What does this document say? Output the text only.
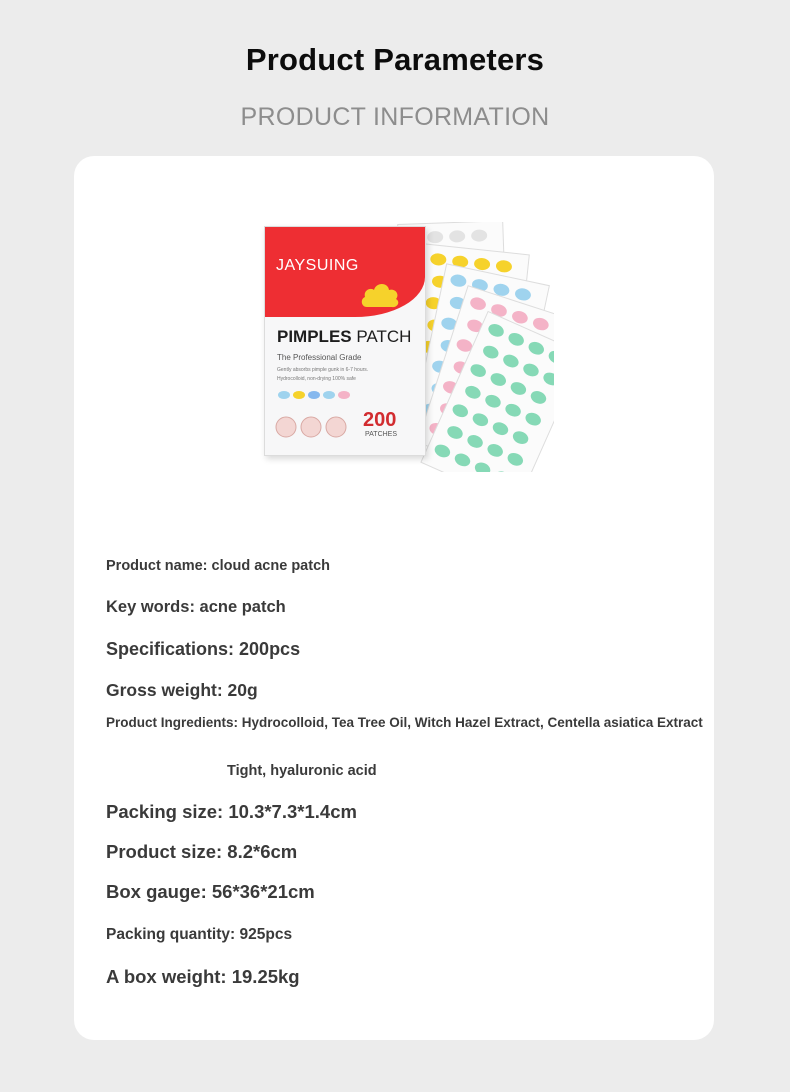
Product Parameters
PRODUCT INFORMATION
JAYSUING
PIMPLES PATCH
The Professional Grade
Gently absorbs pimple gunk in 6-7 hours.
Hydrocolloid, non-drying 100% safe
200
PATCHES
Product name: cloud acne patch
Key words: acne patch
Specifications: 200pcs
Gross weight: 20g
Product Ingredients: Hydrocolloid, Tea Tree Oil, Witch Hazel Extract, Centella asiatica Extract
Tight, hyaluronic acid
Packing size: 10.3*7.3*1.4cm
Product size: 8.2*6cm
Box gauge: 56*36*21cm
Packing quantity: 925pcs
A box weight: 19.25kg
